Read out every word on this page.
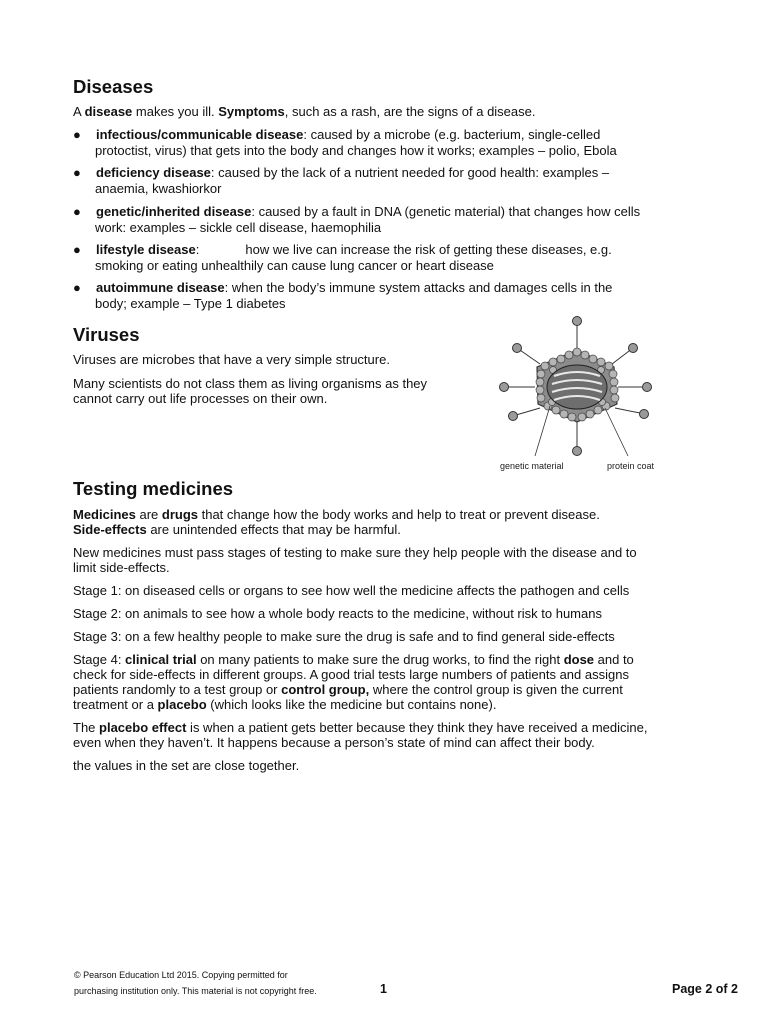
Diseases

A disease makes you ill. Symptoms, such as a rash, are the signs of a disease.

●	infectious/communicable disease: caused by a microbe (e.g. bacterium, single-celled
protoctist, virus) that gets into the body and changes how it works; examples – polio, Ebola
●	deficiency disease: caused by the lack of a nutrient needed for good health: examples –
anaemia, kwashiorkor
●	genetic/inherited disease: caused by a fault in DNA (genetic material) that changes how cells
work: examples – sickle cell disease, haemophilia
●	lifestyle disease:	how we live can increase the risk of getting these diseases, e.g.
smoking or eating unhealthily can cause lung cancer or heart disease
●	autoimmune disease: when the body’s immune system attacks and damages cells in the
body; example – Type 1 diabetes
Viruses

Viruses are microbes that have a very simple structure.

Many scientists do not class them as living organisms as they

cannot carry out life processes on their own.

genetic material	protein coat
Testing medicines

Medicines are drugs that change how the body works and help to treat or prevent disease.

Side-effects are unintended effects that may be harmful.

New medicines must pass stages of testing to make sure they help people with the disease and to

limit side-effects.

Stage 1: on diseased cells or organs to see how well the medicine affects the pathogen and cells

Stage 2: on animals to see how a whole body reacts to the medicine, without risk to humans

Stage 3: on a few healthy people to make sure the drug is safe and to find general side-effects

Stage 4: clinical trial on many patients to make sure the drug works, to find the right dose and to

check for side-effects in different groups. A good trial tests large numbers of patients and assigns

patients randomly to a test group or control group, where the control group is given the current

treatment or a placebo (which looks like the medicine but contains none).

The placebo effect is when a patient gets better because they think they have received a medicine,

even when they haven’t. It happens because a person’s state of mind can affect their body.

the values in the set are close together.

© Pearson Education Ltd 2015. Copying permitted for
purchasing institution only. This material is not copyright free.	1	Page 2 of 2
